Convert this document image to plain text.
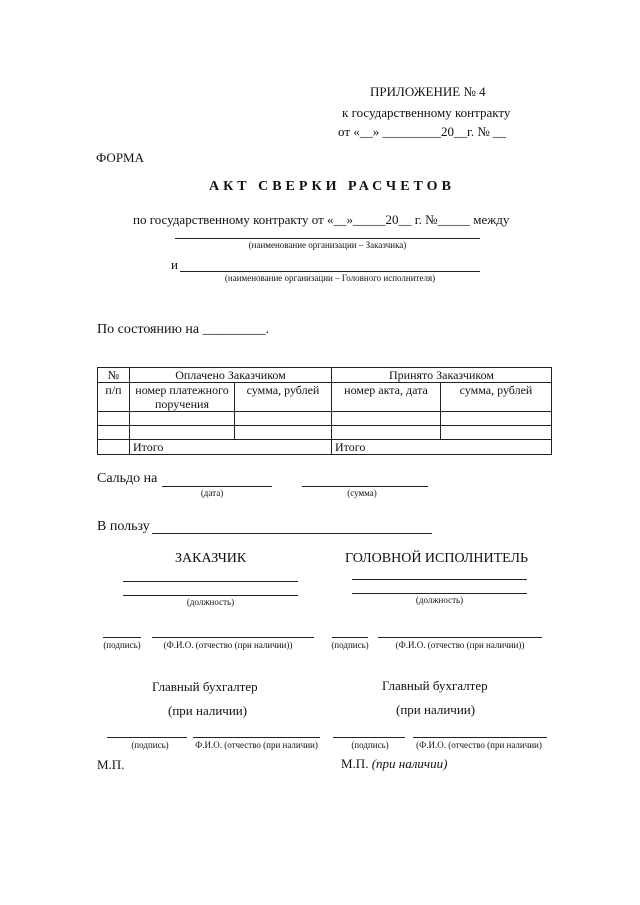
ПРИЛОЖЕНИЕ № 4
к государственному контракту
от «__» _________20__г. № __
ФОРМА
АКТ СВЕРКИ РАСЧЕТОВ
по государственному контракту от «__»_____20__ г. №_____ между
(наименование организации – Заказчика)
и
(наименование организации – Головного исполнителя)
По состоянию на _________.
№	Оплачено Заказчиком		Принято Заказчиком	
п/п	номер платежного поручения	сумма, рублей	номер акта, дата	сумма, рублей

	Итого		Итого	
Сальдо на
(дата)	(сумма)
В пользу
ЗАКАЗЧИК
(должность)
(подпись)	(Ф.И.О. (отчество (при наличии))
Главный бухгалтер
(при наличии)
(подпись)	Ф.И.О. (отчество (при наличии)
М.П.
ГОЛОВНОЙ ИСПОЛНИТЕЛЬ
(должность)
(подпись)	(Ф.И.О. (отчество (при наличии))
Главный бухгалтер
(при наличии)
(подпись)	(Ф.И.О. (отчество (при наличии)
М.П. (при наличии)
